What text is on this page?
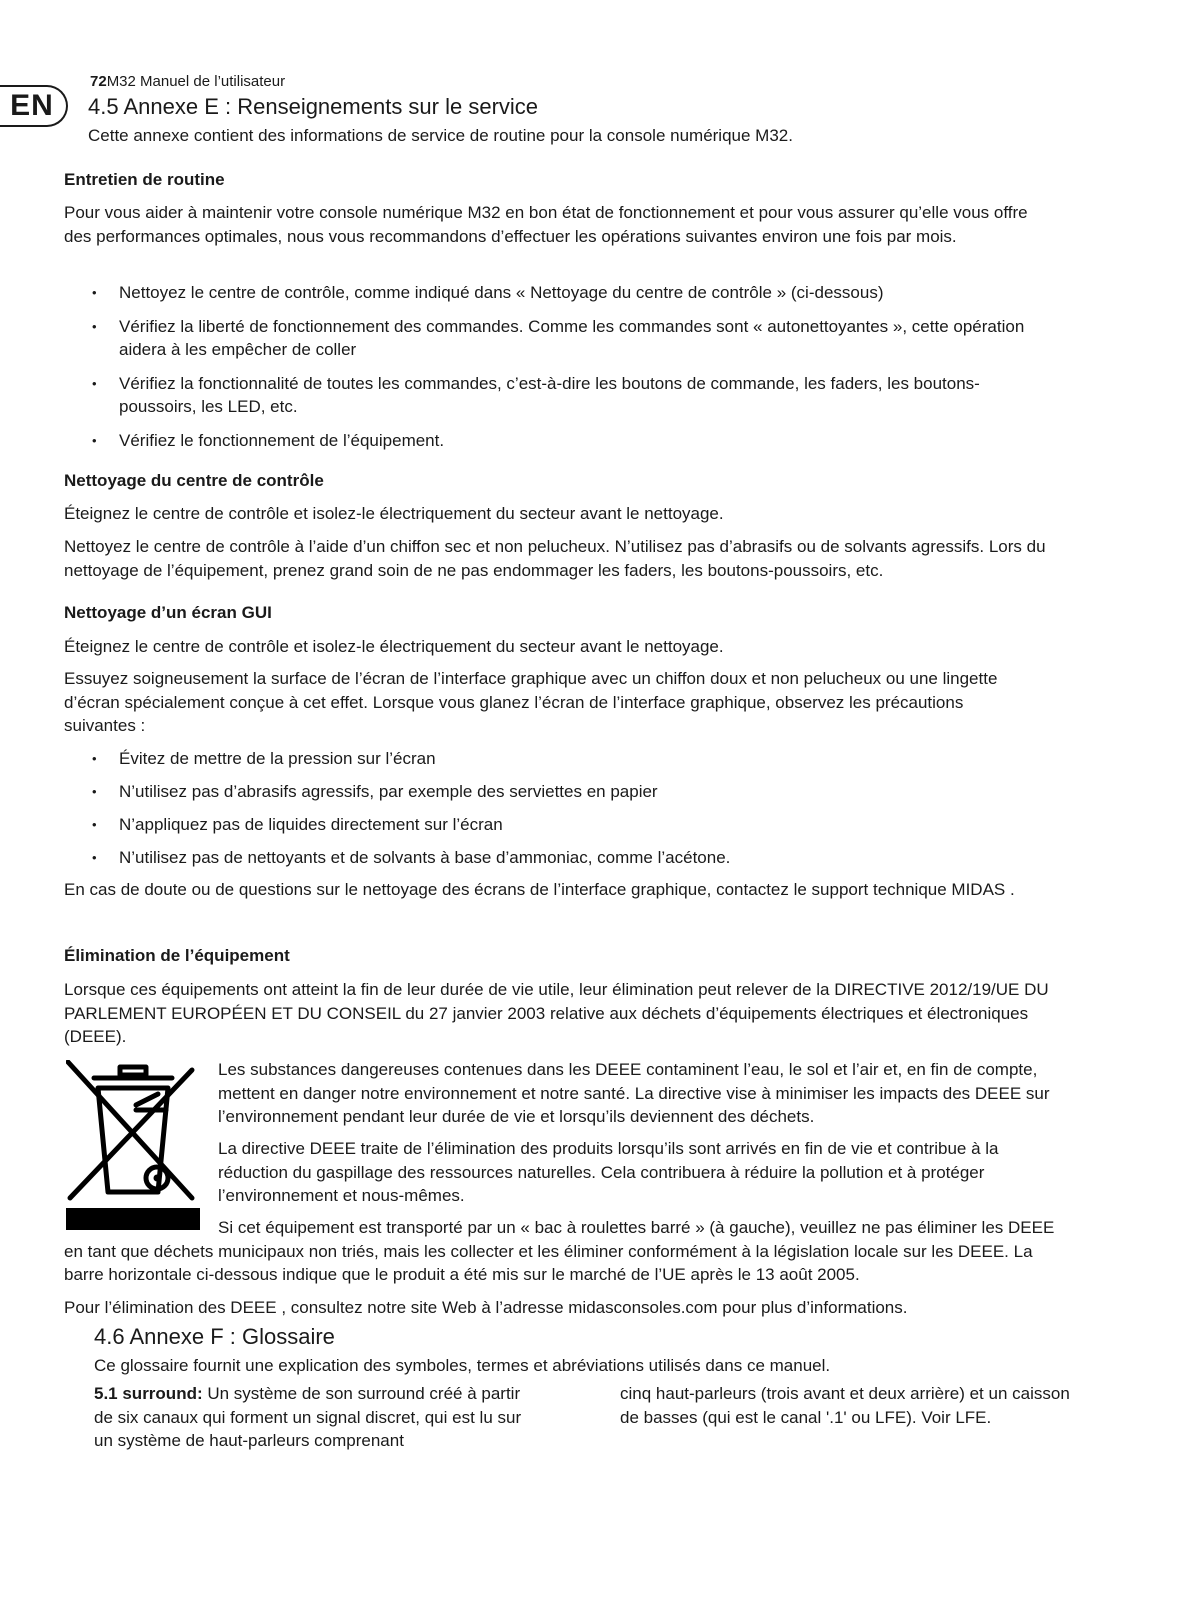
72M32 Manuel de l’utilisateur
EN	4.5 Annexe E : Renseignements sur le service

Cette annexe contient des informations de service de routine pour la console numérique M32.

Entretien de routine

Pour vous aider à maintenir votre console numérique M32 en bon état de fonctionnement et pour vous assurer qu’elle vous offre des performances optimales, nous vous recommandons d’effectuer les opérations suivantes environ une fois par mois.

• Nettoyez le centre de contrôle, comme indiqué dans « Nettoyage du centre de contrôle » (ci-dessous)
• Vérifiez la liberté de fonctionnement des commandes. Comme les commandes sont « autonettoyantes », cette opération aidera à les empêcher de coller
• Vérifiez la fonctionnalité de toutes les commandes, c’est-à-dire les boutons de commande, les faders, les boutons-poussoirs, les LED, etc.
• Vérifiez le fonctionnement de l’équipement.
Nettoyage du centre de contrôle

Éteignez le centre de contrôle et isolez-le électriquement du secteur avant le nettoyage.

Nettoyez le centre de contrôle à l’aide d’un chiffon sec et non pelucheux. N’utilisez pas d’abrasifs ou de solvants agressifs. Lors du nettoyage de l’équipement, prenez grand soin de ne pas endommager les faders, les boutons-poussoirs, etc.

Nettoyage d’un écran GUI

Éteignez le centre de contrôle et isolez-le électriquement du secteur avant le nettoyage.

Essuyez soigneusement la surface de l’écran de l’interface graphique avec un chiffon doux et non pelucheux ou une lingette d’écran spécialement conçue à cet effet. Lorsque vous glanez l’écran de l’interface graphique, observez les précautions suivantes :

• Évitez de mettre de la pression sur l’écran
• N’utilisez pas d’abrasifs agressifs, par exemple des serviettes en papier
• N’appliquez pas de liquides directement sur l’écran
• N’utilisez pas de nettoyants et de solvants à base d’ammoniac, comme l’acétone.

En cas de doute ou de questions sur le nettoyage des écrans de l’interface graphique, contactez le support technique MIDAS .

Élimination de l’équipement

Lorsque ces équipements ont atteint la fin de leur durée de vie utile, leur élimination peut relever de la DIRECTIVE 2012/19/UE DU PARLEMENT EUROPÉEN ET DU CONSEIL du 27 janvier 2003 relative aux déchets d’équipements électriques et électroniques (DEEE).

Les substances dangereuses contenues dans les DEEE contaminent l’eau, le sol et l’air et, en fin de compte, mettent en danger notre environnement et notre santé. La directive vise à minimiser les impacts des DEEE sur l’environnement pendant leur durée de vie et lorsqu’ils deviennent des déchets.

La directive DEEE traite de l’élimination des produits lorsqu’ils sont arrivés en fin de vie et contribue à la réduction du gaspillage des ressources naturelles. Cela contribuera à réduire la pollution et à protéger l’environnement et nous-mêmes.

Si cet équipement est transporté par un « bac à roulettes barré » (à gauche), veuillez ne pas éliminer les DEEE en tant que déchets municipaux non triés, mais les collecter et les éliminer conformément à la législation locale sur les DEEE. La barre horizontale ci-dessous indique que le produit a été mis sur le marché de l’UE après le 13 août 2005.

Pour l’élimination des DEEE , consultez notre site Web à l’adresse midasconsoles.com pour plus d’informations.

4.6 Annexe F : Glossaire

Ce glossaire fournit une explication des symboles, termes et abréviations utilisés dans ce manuel.

5.1 surround: Un système de son surround créé à partir de six canaux qui forment un signal discret, qui est lu sur un système de haut-parleurs comprenant

cinq haut-parleurs (trois avant et deux arrière) et un caisson de basses (qui est le canal '.1' ou LFE). Voir LFE.
